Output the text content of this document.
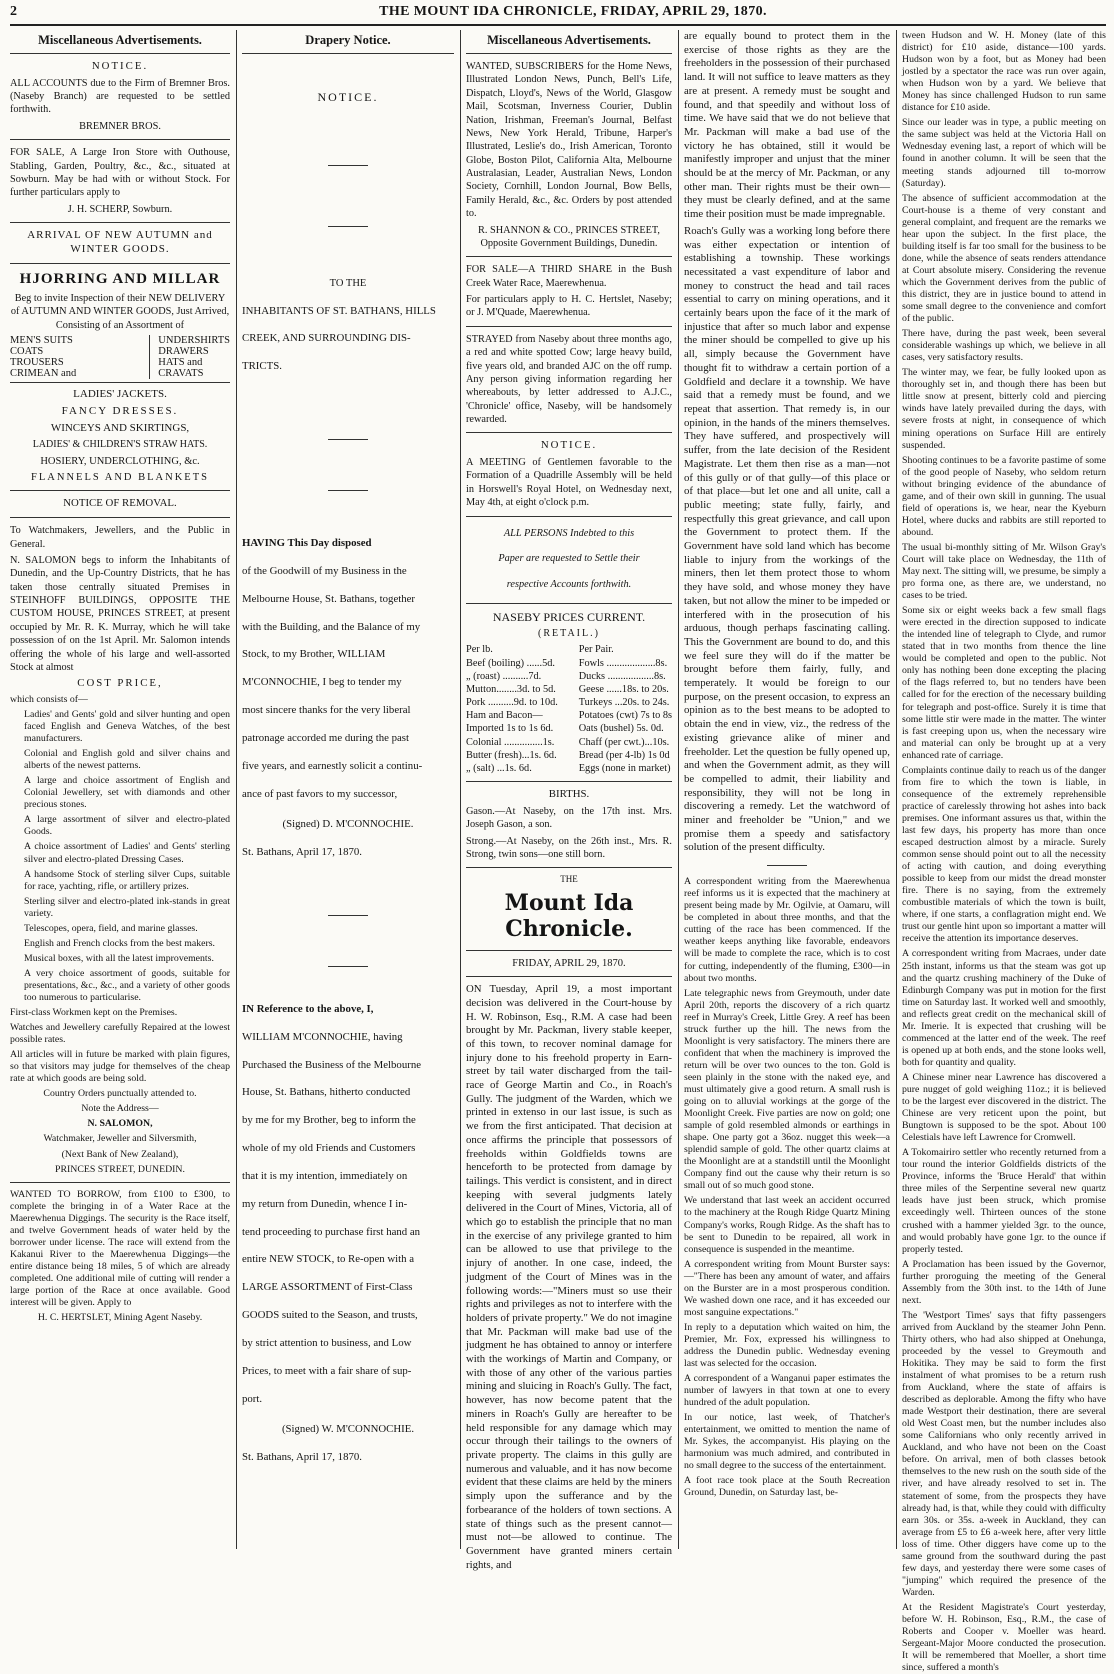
2	THE MOUNT IDA CHRONICLE, FRIDAY, APRIL 29, 1870.
Miscellaneous Advertisements.

NOTICE.

ALL ACCOUNTS due to the Firm of Bremner Bros. (Naseby Branch) are requested to be settled forthwith.

BREMNER BROS.

FOR SALE, A Large Iron Store with Outhouse, Stabling, Garden, Poultry, &c., &c., situated at Sowburn. May be had with or without Stock. For further particulars apply to

J. H. SCHERP, Sowburn.

ARRIVAL OF NEW AUTUMN and WINTER GOODS.

HJORRING AND MILLAR

Beg to invite Inspection of their NEW DELIVERY of AUTUMN AND WINTER GOODS, Just Arrived, Consisting of an Assortment of

MEN'S SUITS
COATS
TROUSERS
CRIMEAN and
UNDERSHIRTS
DRAWERS
HATS and
CRAVATS

LADIES' JACKETS.

FANCY DRESSES.

WINCEYS AND SKIRTINGS,

LADIES' & CHILDREN'S STRAW HATS.

HOSIERY, UNDERCLOTHING, &c.

FLANNELS AND BLANKETS

NOTICE OF REMOVAL.

To Watchmakers, Jewellers, and the Public in General.

N. SALOMON begs to inform the Inhabitants of Dunedin, and the Up-Country Districts, that he has taken those centrally situated Premises in STEINHOFF BUILDINGS, OPPOSITE THE CUSTOM HOUSE, PRINCES STREET, at present occupied by Mr. R. K. Murray, which he will take possession of on the 1st April. Mr. Salomon intends offering the whole of his large and well-assorted Stock at almost

COST PRICE,

which consists of—

Ladies' and Gents' gold and silver hunting and open faced English and Geneva Watches, of the best manufacturers.

Colonial and English gold and silver chains and alberts of the newest patterns.

A large and choice assortment of English and Colonial Jewellery, set with diamonds and other precious stones.

A large assortment of silver and electro-plated Goods.

A choice assortment of Ladies' and Gents' sterling silver and electro-plated Dressing Cases.

A handsome Stock of sterling silver Cups, suitable for race, yachting, rifle, or artillery prizes.

Sterling silver and electro-plated ink-stands in great variety.

Telescopes, opera, field, and marine glasses.

English and French clocks from the best makers.

Musical boxes, with all the latest improvements.

A very choice assortment of goods, suitable for presentations, &c., &c., and a variety of other goods too numerous to particularise.

First-class Workmen kept on the Premises.

Watches and Jewellery carefully Repaired at the lowest possible rates.

All articles will in future be marked with plain figures, so that visitors may judge for themselves of the cheap rate at which goods are being sold.

Country Orders punctually attended to.

Note the Address—

N. SALOMON,

Watchmaker, Jeweller and Silversmith,

(Next Bank of New Zealand),

PRINCES STREET, DUNEDIN.

WANTED TO BORROW, from £100 to £300, to complete the bringing in of a Water Race at the Maerewhenua Diggings. The security is the Race itself, and twelve Government heads of water held by the borrower under license. The race will extend from the Kakanui River to the Maerewhenua Diggings—the entire distance being 18 miles, 5 of which are already completed. One additional mile of cutting will render a large portion of the Race at once available. Good interest will be given. Apply to

H. C. HERTSLET, Mining Agent Naseby.

Drapery Notice.

NOTICE.

TO THE

INHABITANTS OF ST. BATHANS, HILLS

CREEK, AND SURROUNDING DIS-

TRICTS.

HAVING This Day disposed

of the Goodwill of my Business in the

Melbourne House, St. Bathans, together

with the Building, and the Balance of my

Stock, to my Brother, WILLIAM

M'CONNOCHIE, I beg to tender my

most sincere thanks for the very liberal

patronage accorded me during the past

five years, and earnestly solicit a continu-

ance of past favors to my successor,

(Signed) D. M'CONNOCHIE.

St. Bathans, April 17, 1870.

IN Reference to the above, I,

WILLIAM M'CONNOCHIE, having

Purchased the Business of the Melbourne

House, St. Bathans, hitherto conducted

by me for my Brother, beg to inform the

whole of my old Friends and Customers

that it is my intention, immediately on

my return from Dunedin, whence I in-

tend proceeding to purchase first hand an

entire NEW STOCK, to Re-open with a

LARGE ASSORTMENT of First-Class

GOODS suited to the Season, and trusts,

by strict attention to business, and Low

Prices, to meet with a fair share of sup-

port.

(Signed) W. M'CONNOCHIE.

St. Bathans, April 17, 1870.

Miscellaneous Advertisements.

WANTED, SUBSCRIBERS for the Home News, Illustrated London News, Punch, Bell's Life, Dispatch, Lloyd's, News of the World, Glasgow Mail, Scotsman, Inverness Courier, Dublin Nation, Irishman, Freeman's Journal, Belfast News, New York Herald, Tribune, Harper's Illustrated, Leslie's do., Irish American, Toronto Globe, Boston Pilot, California Alta, Melbourne Australasian, Leader, Australian News, London Society, Cornhill, London Journal, Bow Bells, Family Herald, &c., &c. Orders by post attended to.

R. SHANNON & CO., PRINCES STREET, Opposite Government Buildings, Dunedin.

FOR SALE—A THIRD SHARE in the Bush Creek Water Race, Maerewhenua.

For particulars apply to H. C. Hertslet, Naseby; or J. M'Quade, Maerewhenua.

STRAYED from Naseby about three months ago, a red and white spotted Cow; large heavy build, five years old, and branded AJC on the off rump. Any person giving information regarding her whereabouts, by letter addressed to A.J.C., 'Chronicle' office, Naseby, will be handsomely rewarded.

NOTICE.

A MEETING of Gentlemen favorable to the Formation of a Quadrille Assembly will be held in Horswell's Royal Hotel, on Wednesday next, May 4th, at eight o'clock p.m.

ALL PERSONS Indebted to this

Paper are requested to Settle their

respective Accounts forthwith.

NASEBY PRICES CURRENT.

(RETAIL.)

Per lb.
Beef (boiling) ......5d.
„ (roast) ..........7d.
Mutton........3d. to 5d.
Pork ..........9d. to 10d.
Ham and Bacon—
Imported 1s to 1s 6d.
Colonial ...............1s.
Butter (fresh)...1s. 6d.
„ (salt) ...1s. 6d.
Per Pair.
Fowls ...................8s.
Ducks ..................8s.
Geese ......18s. to 20s.
Turkeys ...20s. to 24s.
Potatoes (cwt) 7s to 8s
Oats (bushel) 5s. 0d.
Chaff (per cwt.)...10s.
Bread (per 4-lb) 1s 0d
Eggs (none in market)

BIRTHS.

Gason.—At Naseby, on the 17th inst. Mrs. Joseph Gason, a son.

Strong.—At Naseby, on the 26th inst., Mrs. R. Strong, twin sons—one still born.

THE

Mount Ida Chronicle.

FRIDAY, APRIL 29, 1870.

ON Tuesday, April 19, a most important decision was delivered in the Court-house by H. W. Robinson, Esq., R.M. A case had been brought by Mr. Packman, livery stable keeper, of this town, to recover nominal damage for injury done to his freehold property in Earn-street by tail water discharged from the tail-race of George Martin and Co., in Roach's Gully. The judgment of the Warden, which we printed in extenso in our last issue, is such as we from the first anticipated. That decision at once affirms the principle that possessors of freeholds within Goldfields towns are henceforth to be protected from damage by tailings. This verdict is consistent, and in direct keeping with several judgments lately delivered in the Court of Mines, Victoria, all of which go to establish the principle that no man in the exercise of any privilege granted to him can be allowed to use that privilege to the injury of another. In one case, indeed, the judgment of the Court of Mines was in the following words:—"Miners must so use their rights and privileges as not to interfere with the holders of private property." We do not imagine that Mr. Packman will make bad use of the judgment he has obtained to annoy or interfere with the workings of Martin and Company, or with those of any other of the various parties mining and sluicing in Roach's Gully. The fact, however, has now become patent that the miners in Roach's Gully are hereafter to be held responsible for any damage which may occur through their tailings to the owners of private property. The claims in this gully are numerous and valuable, and it has now become evident that these claims are held by the miners simply upon the sufferance and by the forbearance of the holders of town sections. A state of things such as the present cannot—must not—be allowed to continue. The Government have granted miners certain rights, and

are equally bound to protect them in the exercise of those rights as they are the freeholders in the possession of their purchased land. It will not suffice to leave matters as they are at present. A remedy must be sought and found, and that speedily and without loss of time. We have said that we do not believe that Mr. Packman will make a bad use of the victory he has obtained, still it would be manifestly improper and unjust that the miner should be at the mercy of Mr. Packman, or any other man. Their rights must be their own—they must be clearly defined, and at the same time their position must be made impregnable.

Roach's Gully was a working long before there was either expectation or intention of establishing a township. These workings necessitated a vast expenditure of labor and money to construct the head and tail races essential to carry on mining operations, and it certainly bears upon the face of it the mark of injustice that after so much labor and expense the miner should be compelled to give up his all, simply because the Government have thought fit to withdraw a certain portion of a Goldfield and declare it a township. We have said that a remedy must be found, and we repeat that assertion. That remedy is, in our opinion, in the hands of the miners themselves. They have suffered, and prospectively will suffer, from the late decision of the Resident Magistrate. Let them then rise as a man—not of this gully or of that gully—of this place or of that place—but let one and all unite, call a public meeting; state fully, fairly, and respectfully this great grievance, and call upon the Government to protect them. If the Government have sold land which has become liable to injury from the workings of the miners, then let them protect those to whom they have sold, and whose money they have taken, but not allow the miner to be impeded or interfered with in the prosecution of his arduous, though perhaps fascinating calling. This the Government are bound to do, and this we feel sure they will do if the matter be brought before them fairly, fully, and temperately. It would be foreign to our purpose, on the present occasion, to express an opinion as to the best means to be adopted to obtain the end in view, viz., the redress of the existing grievance alike of miner and freeholder. Let the question be fully opened up, and when the Government admit, as they will be compelled to admit, their liability and responsibility, they will not be long in discovering a remedy. Let the watchword of miner and freeholder be "Union," and we promise them a speedy and satisfactory solution of the present difficulty.

A correspondent writing from the Maerewhenua reef informs us it is expected that the machinery at present being made by Mr. Ogilvie, at Oamaru, will be completed in about three months, and that the cutting of the race has been commenced. If the weather keeps anything like favorable, endeavors will be made to complete the race, which is to cost for cutting, independently of the fluming, £300—in about two months.

Late telegraphic news from Greymouth, under date April 20th, reports the discovery of a rich quartz reef in Murray's Creek, Little Grey. A reef has been struck further up the hill. The news from the Moonlight is very satisfactory. The miners there are confident that when the machinery is improved the return will be over two ounces to the ton. Gold is seen plainly in the stone with the naked eye, and must ultimately give a good return. A small rush is going on to alluvial workings at the gorge of the Moonlight Creek. Five parties are now on gold; one sample of gold resembled almonds or earthings in shape. One party got a 36oz. nugget this week—a splendid sample of gold. The other quartz claims at the Moonlight are at a standstill until the Moonlight Company find out the cause why their return is so small out of so much good stone.

We understand that last week an accident occurred to the machinery at the Rough Ridge Quartz Mining Company's works, Rough Ridge. As the shaft has to be sent to Dunedin to be repaired, all work in consequence is suspended in the meantime.

A correspondent writing from Mount Burster says:—"There has been any amount of water, and affairs on the Burster are in a most prosperous condition. We washed down one race, and it has exceeded our most sanguine expectations."

In reply to a deputation which waited on him, the Premier, Mr. Fox, expressed his willingness to address the Dunedin public. Wednesday evening last was selected for the occasion.

A correspondent of a Wanganui paper estimates the number of lawyers in that town at one to every hundred of the adult population.

In our notice, last week, of Thatcher's entertainment, we omitted to mention the name of Mr. Sykes, the accompanyist. His playing on the harmonium was much admired, and contributed in no small degree to the success of the entertainment.

A foot race took place at the South Recreation Ground, Dunedin, on Saturday last, be-

tween Hudson and W. H. Money (late of this district) for £10 aside, distance—100 yards. Hudson won by a foot, but as Money had been jostled by a spectator the race was run over again, when Hudson won by a yard. We believe that Money has since challenged Hudson to run same distance for £10 aside.

Since our leader was in type, a public meeting on the same subject was held at the Victoria Hall on Wednesday evening last, a report of which will be found in another column. It will be seen that the meeting stands adjourned till to-morrow (Saturday).

The absence of sufficient accommodation at the Court-house is a theme of very constant and general complaint, and frequent are the remarks we hear upon the subject. In the first place, the building itself is far too small for the business to be done, while the absence of seats renders attendance at Court absolute misery. Considering the revenue which the Government derives from the public of this district, they are in justice bound to attend in some small degree to the convenience and comfort of the public.

There have, during the past week, been several considerable washings up which, we believe in all cases, very satisfactory results.

The winter may, we fear, be fully looked upon as thoroughly set in, and though there has been but little snow at present, bitterly cold and piercing winds have lately prevailed during the days, with severe frosts at night, in consequence of which mining operations on Surface Hill are entirely suspended.

Shooting continues to be a favorite pastime of some of the good people of Naseby, who seldom return without bringing evidence of the abundance of game, and of their own skill in gunning. The usual field of operations is, we hear, near the Kyeburn Hotel, where ducks and rabbits are still reported to abound.

The usual bi-monthly sitting of Mr. Wilson Gray's Court will take place on Wednesday, the 11th of May next. The sitting will, we presume, be simply a pro forma one, as there are, we understand, no cases to be tried.

Some six or eight weeks back a few small flags were erected in the direction supposed to indicate the intended line of telegraph to Clyde, and rumor stated that in two months from thence the line would be completed and open to the public. Not only has nothing been done excepting the placing of the flags referred to, but no tenders have been called for for the erection of the necessary building for telegraph and post-office. Surely it is time that some little stir were made in the matter. The winter is fast creeping upon us, when the necessary wire and material can only be brought up at a very enhanced rate of carriage.

Complaints continue daily to reach us of the danger from fire to which the town is liable, in consequence of the extremely reprehensible practice of carelessly throwing hot ashes into back premises. One informant assures us that, within the last few days, his property has more than once escaped destruction almost by a miracle. Surely common sense should point out to all the necessity of acting with caution, and doing everything possible to keep from our midst the dread monster fire. There is no saying, from the extremely combustible materials of which the town is built, where, if one starts, a conflagration might end. We trust our gentle hint upon so important a matter will receive the attention its importance deserves.

A correspondent writing from Macraes, under date 25th instant, informs us that the steam was got up and the quartz crushing machinery of the Duke of Edinburgh Company was put in motion for the first time on Saturday last. It worked well and smoothly, and reflects great credit on the mechanical skill of Mr. Imerie. It is expected that crushing will be commenced at the latter end of the week. The reef is opened up at both ends, and the stone looks well, both for quantity and quality.

A Chinese miner near Lawrence has discovered a pure nugget of gold weighing 11oz.; it is believed to be the largest ever discovered in the district. The Chinese are very reticent upon the point, but Bungtown is supposed to be the spot. About 100 Celestials have left Lawrence for Cromwell.

A Tokomairiro settler who recently returned from a tour round the interior Goldfields districts of the Province, informs the 'Bruce Herald' that within three miles of the Serpentine several new quartz leads have just been struck, which promise exceedingly well. Thirteen ounces of the stone crushed with a hammer yielded 3gr. to the ounce, and would probably have gone 1gr. to the ounce if properly tested.

A Proclamation has been issued by the Governor, further proroguing the meeting of the General Assembly from the 30th inst. to the 14th of June next.

The 'Westport Times' says that fifty passengers arrived from Auckland by the steamer John Penn. Thirty others, who had also shipped at Onehunga, proceeded by the vessel to Greymouth and Hokitika. They may be said to form the first instalment of what promises to be a return rush from Auckland, where the state of affairs is described as deplorable. Among the fifty who have made Westport their destination, there are several old West Coast men, but the number includes also some Californians who only recently arrived in Auckland, and who have not been on the Coast before. On arrival, men of both classes betook themselves to the new rush on the south side of the river, and have already resolved to set in. The statement of some, from the prospects they have already had, is that, while they could with difficulty earn 30s. or 35s. a-week in Auckland, they can average from £5 to £6 a-week here, after very little loss of time. Other diggers have come up to the same ground from the southward during the past few days, and yesterday there were some cases of "jumping" which required the presence of the Warden.

At the Resident Magistrate's Court yesterday, before W. H. Robinson, Esq., R.M., the case of Roberts and Cooper v. Moeller was heard. Sergeant-Major Moore conducted the prosecution. It will be remembered that Moeller, a short time since, suffered a month's
